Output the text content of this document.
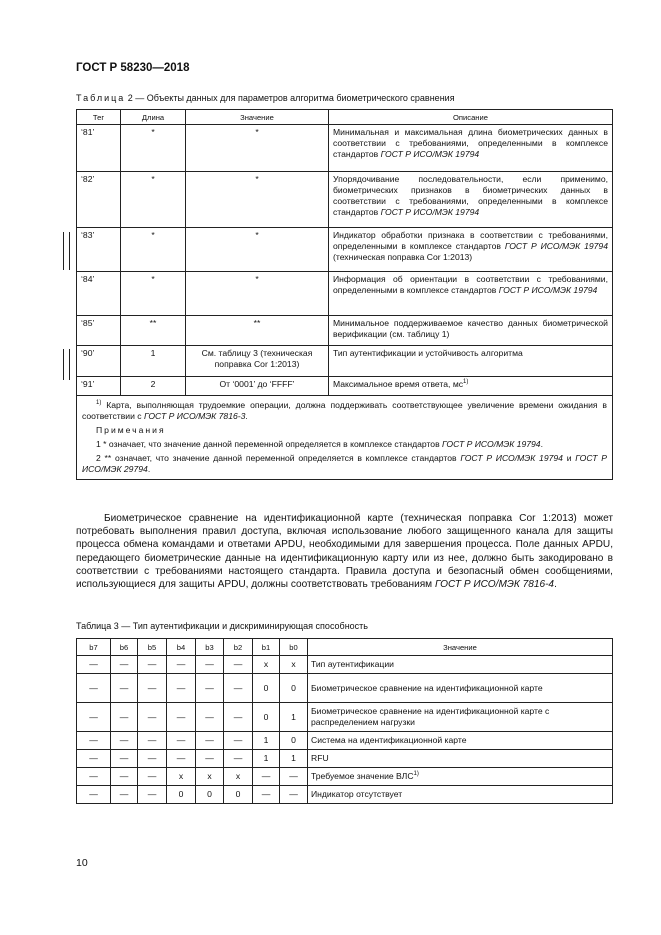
ГОСТ Р 58230—2018
Таблица 2 — Объекты данных для параметров алгоритма биометрического сравнения
Тег	Длина	Значение	Описание
‘81’	*	*	Минимальная и максимальная длина биометрических данных в соответствии с требованиями, определенными в комплексе стандартов ГОСТ Р ИСО/МЭК 19794
‘82’	*	*	Упорядочивание последовательности, если применимо, биометрических признаков в биометрических данных в соответствии с требованиями, определенными в комплексе стандартов ГОСТ Р ИСО/МЭК 19794
‘83’	*	*	Индикатор обработки признака в соответствии с требованиями, определенными в комплексе стандартов ГОСТ Р ИСО/МЭК 19794 (техническая поправка Cor 1:2013)
‘84’	*	*	Информация об ориентации в соответствии с требованиями, определенными в комплексе стандартов ГОСТ Р ИСО/МЭК 19794
‘85’	**	**	Минимальное поддерживаемое качество данных биометрической верификации (см. таблицу 1)
‘90’	1	См. таблицу 3 (техническая поправка Cor 1:2013)	Тип аутентификации и устойчивость алгоритма
‘91’	2	От ‘0001’ до ‘FFFF’	Максимальное время ответа, $мс^{1)}$

$^{1)}$ Карта, выполняющая трудоемкие операции, должна поддерживать соответствующее увеличение времени ожидания в соответствии с ГОСТ Р ИСО/МЭК 7816-3.

Примечания

1 * означает, что значение данной переменной определяется в комплексе стандартов ГОСТ Р ИСО/МЭК 19794.

2 ** означает, что значение данной переменной определяется в комплексе стандартов ГОСТ Р ИСО/МЭК 19794 и ГОСТ Р ИСО/МЭК 29794.			

Биометрическое сравнение на идентификационной карте (техническая поправка Cor 1:2013) может потребовать выполнения правил доступа, включая использование любого защищенного канала для защиты процесса обмена командами и ответами APDU, необходимыми для завершения процесса. Поле данных APDU, передающего биометрические данные на идентификационную карту или из нее, должно быть закодировано в соответствии с требованиями настоящего стандарта. Правила доступа и безопасный обмен сообщениями, использующиеся для защиты APDU, должны соответствовать требованиям ГОСТ Р ИСО/МЭК 7816-4.
Таблица 3 — Тип аутентификации и дискриминирующая способность
b7	b6	b5	b4	b3	b2	b1	b0	Значение
—	—	—	—	—	—	x	x	Тип аутентификации
—	—	—	—	—	—	0	0	Биометрическое сравнение на идентификационной карте
—	—	—	—	—	—	0	1	Биометрическое сравнение на идентификационной карте с распределением нагрузки
—	—	—	—	—	—	1	0	Система на идентификационной карте
—	—	—	—	—	—	1	1	RFU
—	—	—	x	x	x	—	—	Требуемое значение ВЛС$^{1)}$
—	—	—	0	0	0	—	—	Индикатор отсутствует
10
